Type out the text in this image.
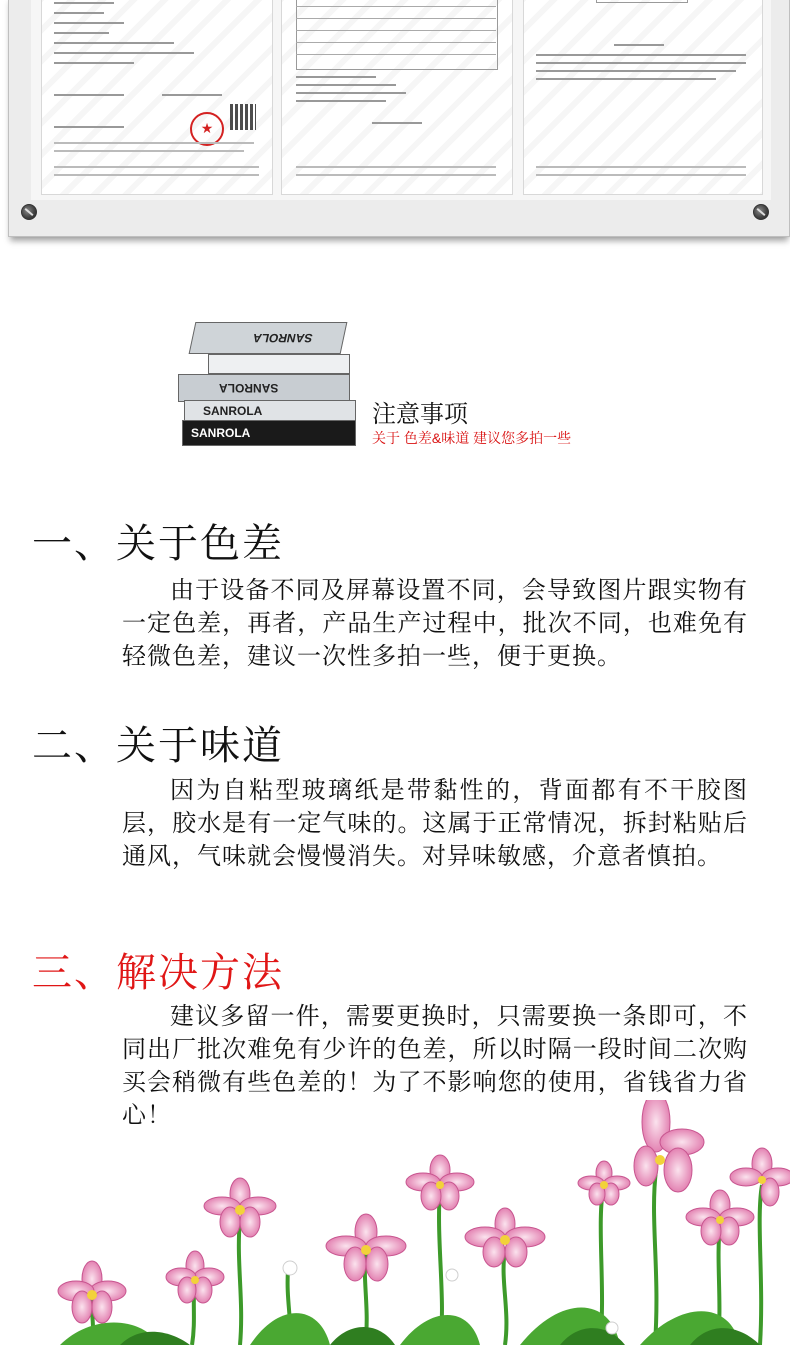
★
SANROLA
SANROLA
SANROLA
SANROLA
注意事项
关于 色差&味道 建议您多拍一些
一、关于色差
由于设备不同及屏幕设置不同，会导致图片跟实物有一定色差，再者，产品生产过程中，批次不同，也难免有轻微色差，建议一次性多拍一些，便于更换。
二、关于味道
因为自粘型玻璃纸是带黏性的，背面都有不干胶图层，胶水是有一定气味的。这属于正常情况，拆封粘贴后通风，气味就会慢慢消失。对异味敏感，介意者慎拍。
三、解决方法
建议多留一件，需要更换时，只需要换一条即可，不同出厂批次难免有少许的色差，所以时隔一段时间二次购买会稍微有些色差的！为了不影响您的使用，省钱省力省心！
